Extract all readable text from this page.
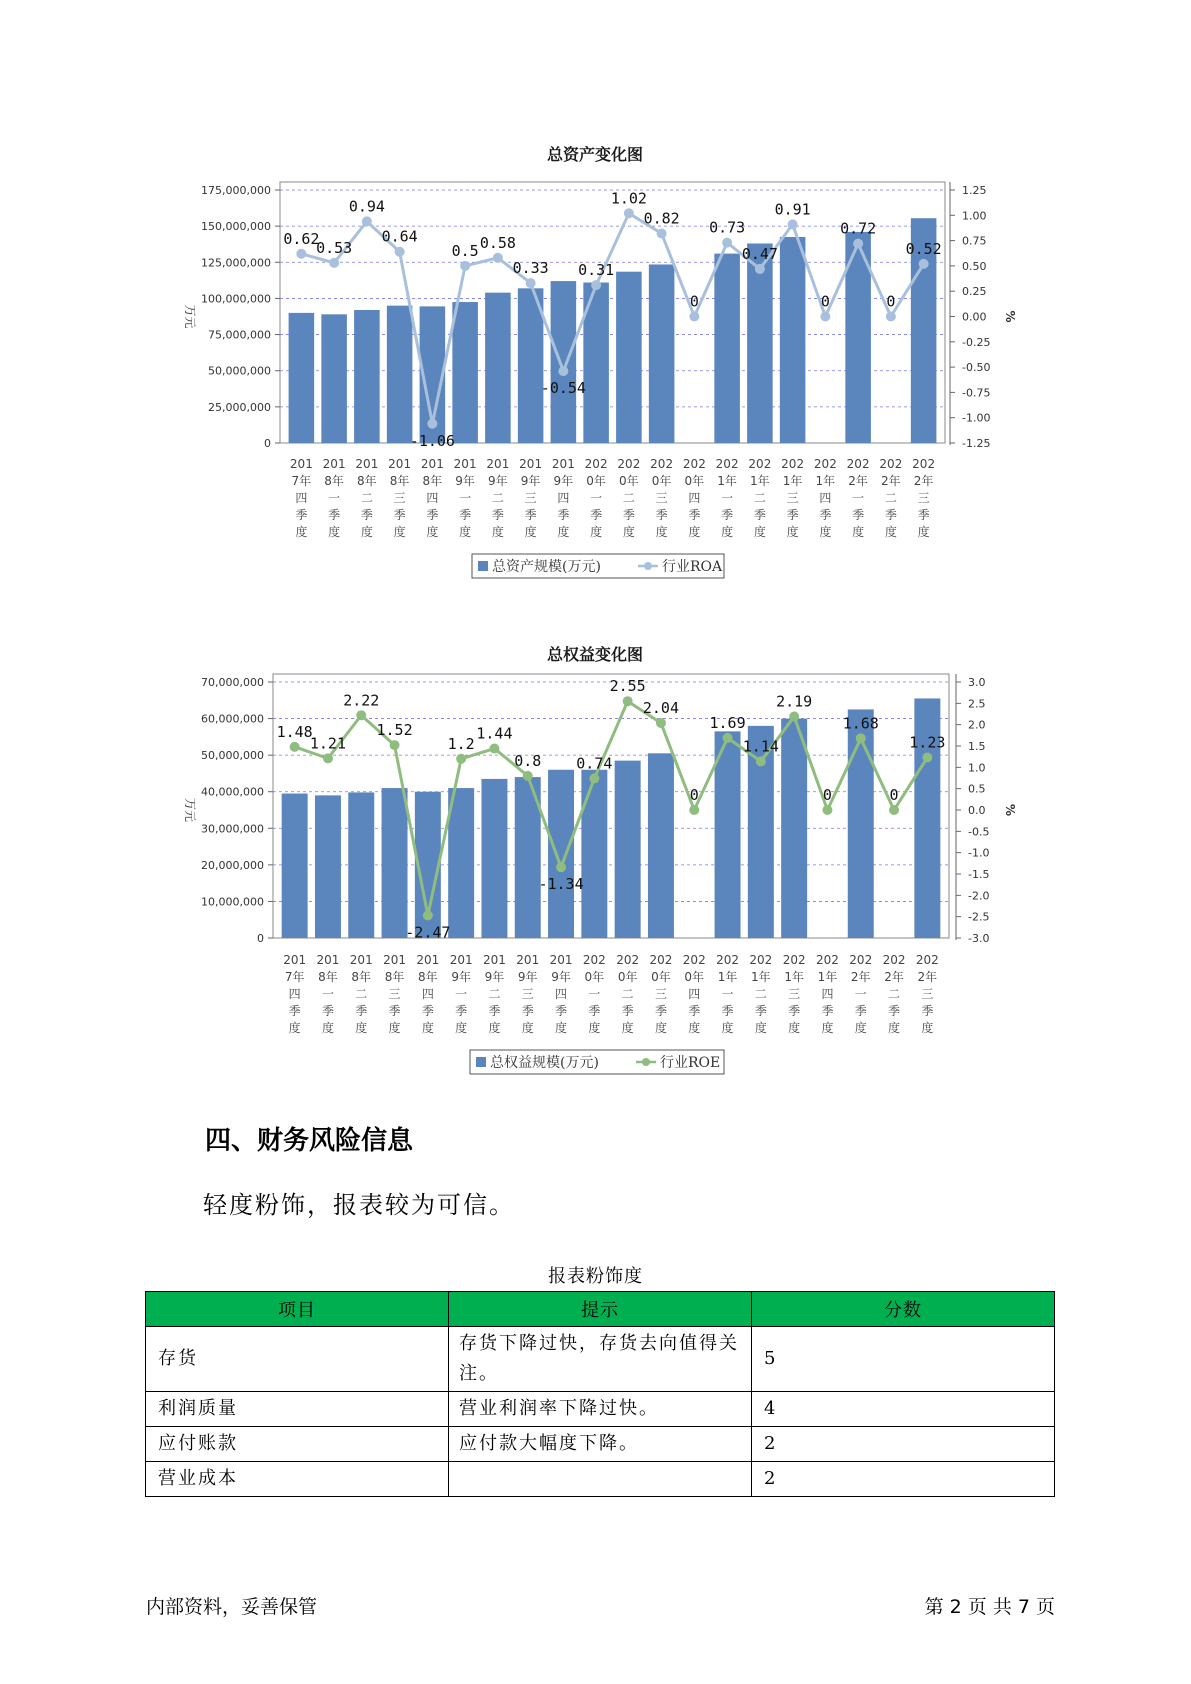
总资产变化图
0
25,000,000
50,000,000
75,000,000
100,000,000
125,000,000
150,000,000
175,000,000
-1.25
-1.00
-0.75
-0.50
-0.25
0.00
0.25
0.50
0.75
1.00
1.25
万元	%
201 7年四季度
201 8年一季度
201 8年二季度
201 8年三季度
201 8年四季度
201 9年一季度
201 9年二季度
201 9年三季度
201 9年四季度
202 0年一季度
202 0年二季度
202 0年三季度
202 0年四季度
202 1年一季度
202 1年二季度
202 1年三季度
202 1年四季度
202 2年一季度
202 2年二季度
202 2年三季度
0.62
0.53
0.94
0.64
-1.06
0.5 0.58
0.33
-0.54
0.31
1.02
0.82
0
0.73
0.47
0.91
0
0.72
0
0.52
总资产规模(万元)	行业ROA
总权益变化图
0
10,000,000
20,000,000
30,000,000
40,000,000
50,000,000
60,000,000
70,000,000
-3.0
-2.5
-2.0
-1.5
-1.0
-0.5
0.0
0.5
1.0
1.5
2.0
2.5
3.0
万元	%
201 7年四季度
201 8年一季度
201 8年二季度
201 8年三季度
201 8年四季度
201 9年一季度
201 9年二季度
201 9年三季度
201 9年四季度
202 0年一季度
202 0年二季度
202 0年三季度
202 0年四季度
202 1年一季度
202 1年二季度
202 1年三季度
202 1年四季度
202 2年一季度
202 2年二季度
202 2年三季度
1.48
1.21
2.22
1.52
-2.47
1.2
1.44
0.8
-1.34
0.74
2.55
2.04
0
1.69
1.14
2.19
0
1.68
0
1.23
总权益规模(万元)	行业ROE
四、财务风险信息

轻度粉饰，报表较为可信。

报表粉饰度
项目	提示	分数
存货	存货下降过快，存货去向值得关注。	5
利润质量	营业利润率下降过快。	4
应付账款	应付款大幅度下降。	2
营业成本		2
内部资料，妥善保管	第 2 页 共 7 页
